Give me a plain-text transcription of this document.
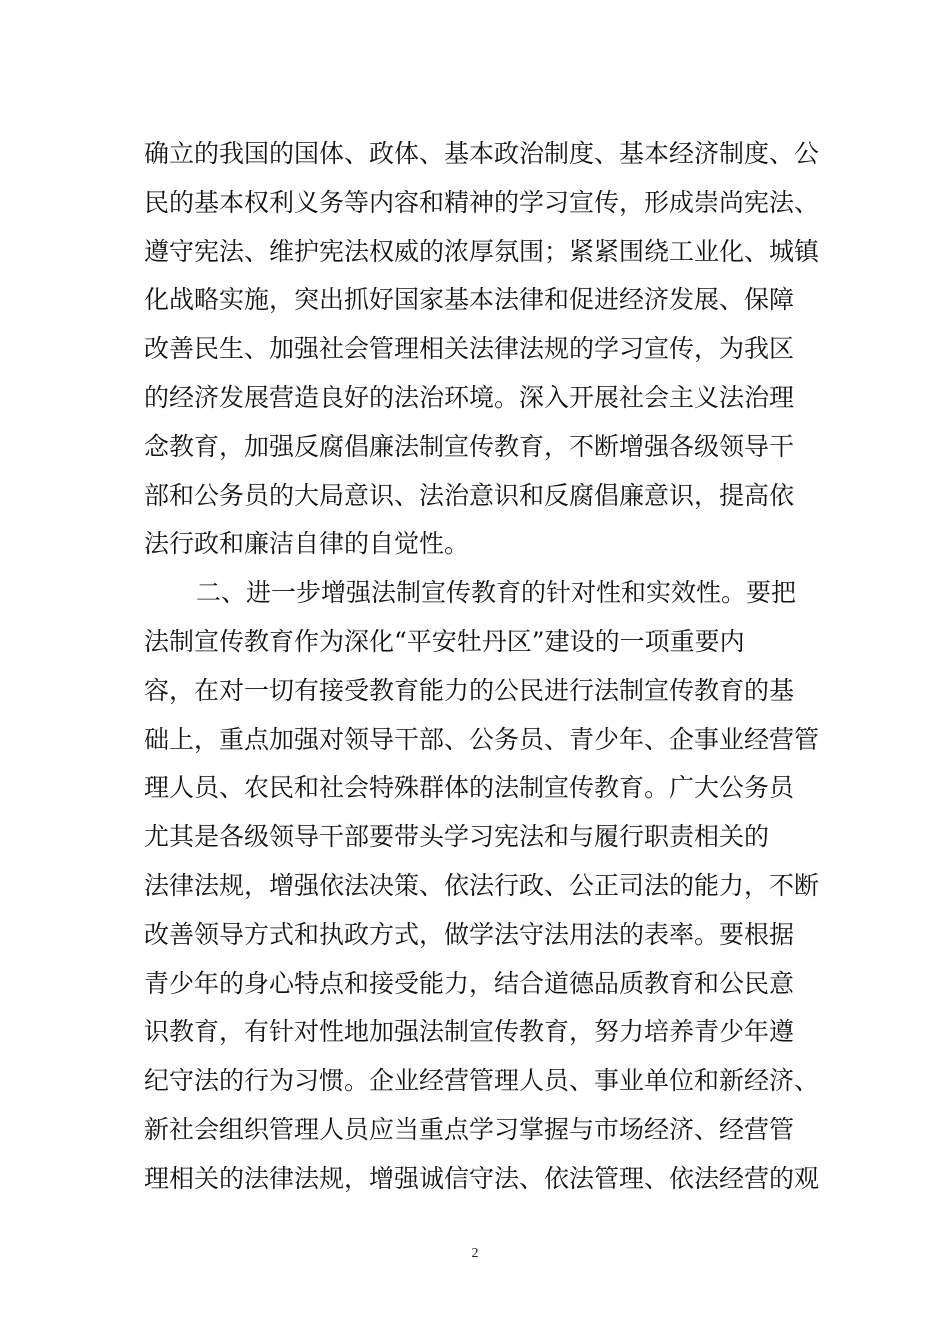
确立的我国的国体、政体、基本政治制度、基本经济制度、公
民的基本权利义务等内容和精神的学习宣传，形成崇尚宪法、
遵守宪法、维护宪法权威的浓厚氛围；紧紧围绕工业化、城镇
化战略实施，突出抓好国家基本法律和促进经济发展、保障
改善民生、加强社会管理相关法律法规的学习宣传，为我区
的经济发展营造良好的法治环境。深入开展社会主义法治理
念教育，加强反腐倡廉法制宣传教育，不断增强各级领导干
部和公务员的大局意识、法治意识和反腐倡廉意识，提高依
法行政和廉洁自律的自觉性。
二、进一步增强法制宣传教育的针对性和实效性。要把
法制宣传教育作为深化“平安牡丹区”建设的一项重要内
容，在对一切有接受教育能力的公民进行法制宣传教育的基
础上，重点加强对领导干部、公务员、青少年、企事业经营管
理人员、农民和社会特殊群体的法制宣传教育。广大公务员
尤其是各级领导干部要带头学习宪法和与履行职责相关的
法律法规，增强依法决策、依法行政、公正司法的能力，不断
改善领导方式和执政方式，做学法守法用法的表率。要根据
青少年的身心特点和接受能力，结合道德品质教育和公民意
识教育，有针对性地加强法制宣传教育，努力培养青少年遵
纪守法的行为习惯。企业经营管理人员、事业单位和新经济、
新社会组织管理人员应当重点学习掌握与市场经济、经营管
理相关的法律法规，增强诚信守法、依法管理、依法经营的观
2
